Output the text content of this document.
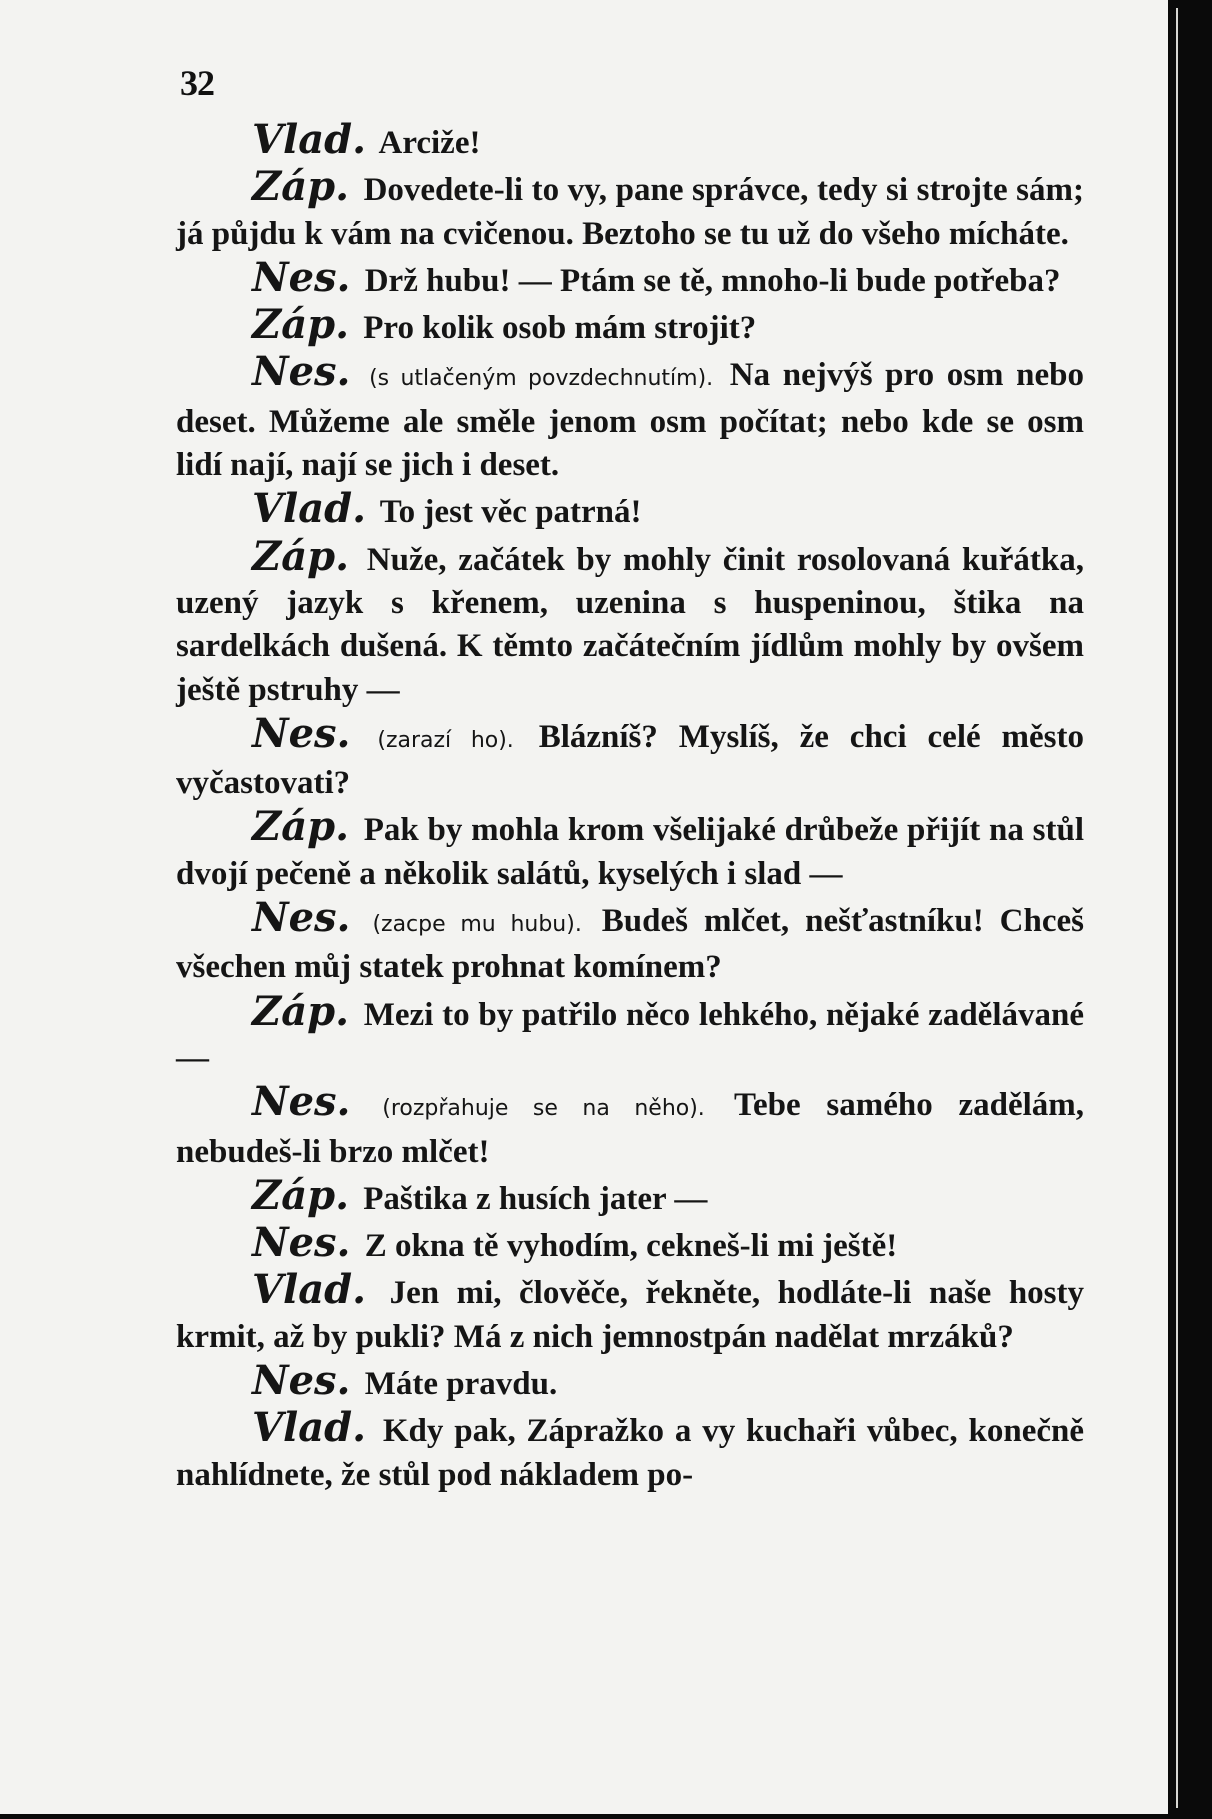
32

Vlad. Arciže!

Záp. Dovedete-li to vy, pane správce, tedy si strojte sám; já půjdu k vám na cvičenou. Beztoho se tu už do všeho mícháte.

Nes. Drž hubu! — Ptám se tě, mnoho-li bude potřeba?

Záp. Pro kolik osob mám strojit?

Nes. (s utlačeným povzdechnutím). Na nejvýš pro osm nebo deset. Můžeme ale směle jenom osm počítat; nebo kde se osm lidí nají, nají se jich i deset.

Vlad. To jest věc patrná!

Záp. Nuže, začátek by mohly činit rosolovaná kuřátka, uzený jazyk s křenem, uzenina s huspeninou, štika na sardelkách dušená. K těmto začátečním jídlům mohly by ovšem ještě pstruhy —

Nes. (zarazí ho). Blázníš? Myslíš, že chci celé město vyčastovati?

Záp. Pak by mohla krom všelijaké drůbeže přijít na stůl dvojí pečeně a několik salátů, kyselých i slad —

Nes. (zacpe mu hubu). Budeš mlčet, nešťastníku! Chceš všechen můj statek prohnat komínem?

Záp. Mezi to by patřilo něco lehkého, nějaké zadělávané —

Nes. (rozpřahuje se na něho). Tebe samého zadělám, nebudeš-li brzo mlčet!

Záp. Paštika z husích jater —

Nes. Z okna tě vyhodím, cekneš-li mi ještě!

Vlad. Jen mi, člověče, řekněte, hodláte-li naše hosty krmit, až by pukli? Má z nich jemnostpán nadělat mrzáků?

Nes. Máte pravdu.

Vlad. Kdy pak, Zápražko a vy kuchaři vůbec, konečně nahlídnete, že stůl pod nákladem po-
